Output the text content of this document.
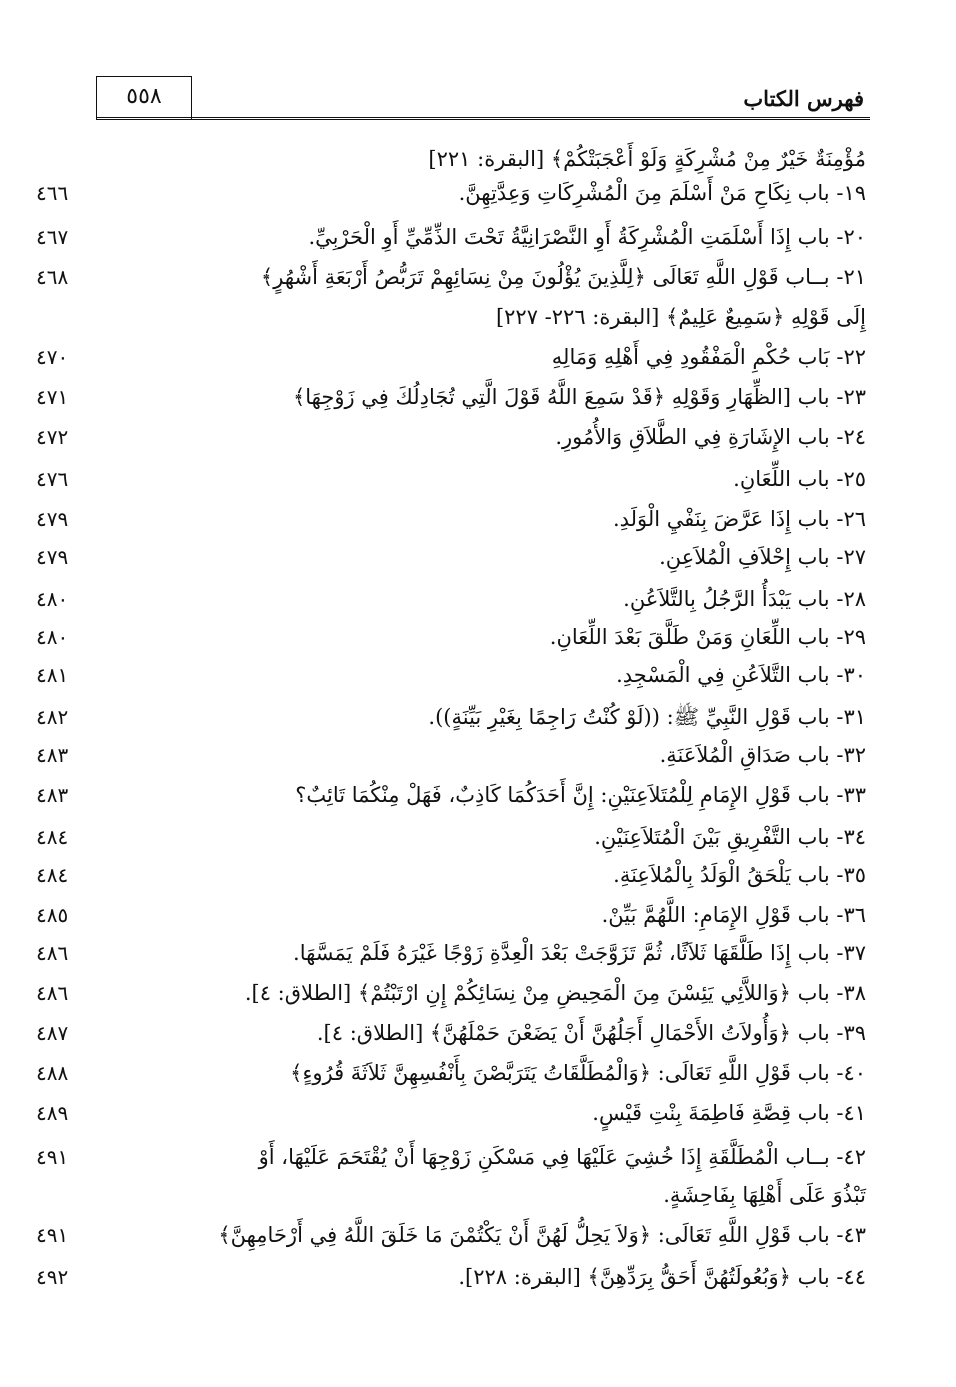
٥٥٨	فهرس الكتاب
مُؤْمِنَةٌ خَيْرٌ مِنْ مُشْرِكَةٍ وَلَوْ أَعْجَبَتْكُمْ﴾ [البقرة: ٢٢١]
١٩- باب نِكَاحِ مَنْ أَسْلَمَ مِنَ الْمُشْرِكَاتِ وَعِدَّتِهِنَّ.
٤٦٦
٢٠- باب إِذَا أَسْلَمَتِ الْمُشْرِكَةُ أَوِ النَّصْرَانِيَّةُ تَحْتَ الذِّمِّيِّ أَوِ الْحَرْبِيِّ.
٤٦٧
٢١- بــاب قَوْلِ اللَّهِ تَعَالَى ﴿لِلَّذِينَ يُؤْلُونَ مِنْ نِسَائِهِمْ تَرَبُّصُ أَرْبَعَةِ أَشْهُرٍ﴾
٤٦٨
إِلَى قَوْلِهِ ﴿سَمِيعٌ عَلِيمٌ﴾ [البقرة: ٢٢٦- ٢٢٧]
٢٢- بَاب حُكْمِ الْمَفْقُودِ فِي أَهْلِهِ وَمَالِهِ
٤٧٠
٢٣- باب [الظِّهَارِ وَقَوْلِهِ ﴿قَدْ سَمِعَ اللَّهُ قَوْلَ الَّتِي تُجَادِلُكَ فِي زَوْجِهَا﴾
٤٧١
٢٤- باب الإِشَارَةِ فِي الطَّلاَقِ وَالأُمُورِ.
٤٧٢
٢٥- باب اللِّعَانِ.
٤٧٦
٢٦- باب إِذَا عَرَّضَ بِنَفْيِ الْوَلَدِ.
٤٧٩
٢٧- باب إِحْلاَفِ الْمُلاَعِنِ.
٤٧٩
٢٨- باب يَبْدَأُ الرَّجُلُ بِالتَّلاَعُنِ.
٤٨٠
٢٩- باب اللِّعَانِ وَمَنْ طَلَّقَ بَعْدَ اللِّعَانِ.
٤٨٠
٣٠- باب التَّلاَعُنِ فِي الْمَسْجِدِ.
٤٨١
٣١- باب قَوْلِ النَّبِيِّ ﷺ: ((لَوْ كُنْتُ رَاجِمًا بِغَيْرِ بَيِّنَةٍ)).
٤٨٢
٣٢- باب صَدَاقِ الْمُلاَعَنَةِ.
٤٨٣
٣٣- باب قَوْلِ الإِمَامِ لِلْمُتَلاَعِنَيْنِ: إِنَّ أَحَدَكُمَا كَاذِبٌ، فَهَلْ مِنْكُمَا تَائِبٌ؟
٤٨٣
٣٤- باب التَّفْرِيقِ بَيْنَ الْمُتَلاَعِنَيْنِ.
٤٨٤
٣٥- باب يَلْحَقُ الْوَلَدُ بِالْمُلاَعِنَةِ.
٤٨٤
٣٦- باب قَوْلِ الإِمَامِ: اللَّهُمَّ بَيِّنْ.
٤٨٥
٣٧- باب إِذَا طَلَّقَهَا ثَلاَثًا، ثُمَّ تَزَوَّجَتْ بَعْدَ الْعِدَّةِ زَوْجًا غَيْرَهُ فَلَمْ يَمَسَّهَا.
٤٨٦
٣٨- باب ﴿وَاللاَّئِي يَئِسْنَ مِنَ الْمَحِيضِ مِنْ نِسَائِكُمْ إِنِ ارْتَبْتُمْ﴾ [الطلاق: ٤].
٤٨٦
٣٩- باب ﴿وَأُولاَتُ الأَحْمَالِ أَجَلُهُنَّ أَنْ يَضَعْنَ حَمْلَهُنَّ﴾ [الطلاق: ٤].
٤٨٧
٤٠- باب قَوْلِ اللَّهِ تَعَالَى: ﴿وَالْمُطَلَّقَاتُ يَتَرَبَّصْنَ بِأَنْفُسِهِنَّ ثَلاَثَةَ قُرُوءٍ﴾
٤٨٨
٤١- باب قِصَّةِ فَاطِمَةَ بِنْتِ قَيْسٍ.
٤٨٩
٤٢- بــاب الْمُطَلَّقَةِ إِذَا خُشِيَ عَلَيْهَا فِي مَسْكَنِ زَوْجِهَا أَنْ يُقْتَحَمَ عَلَيْهَا، أَوْ
٤٩١
تَبْذُوَ عَلَى أَهْلِهَا بِفَاحِشَةٍ.
٤٣- باب قَوْلِ اللَّهِ تَعَالَى: ﴿وَلاَ يَحِلُّ لَهُنَّ أَنْ يَكْتُمْنَ مَا خَلَقَ اللَّهُ فِي أَرْحَامِهِنَّ﴾
٤٩١
٤٤- باب ﴿وَبُعُولَتُهُنَّ أَحَقُّ بِرَدِّهِنَّ﴾ [البقرة: ٢٢٨].
٤٩٢
